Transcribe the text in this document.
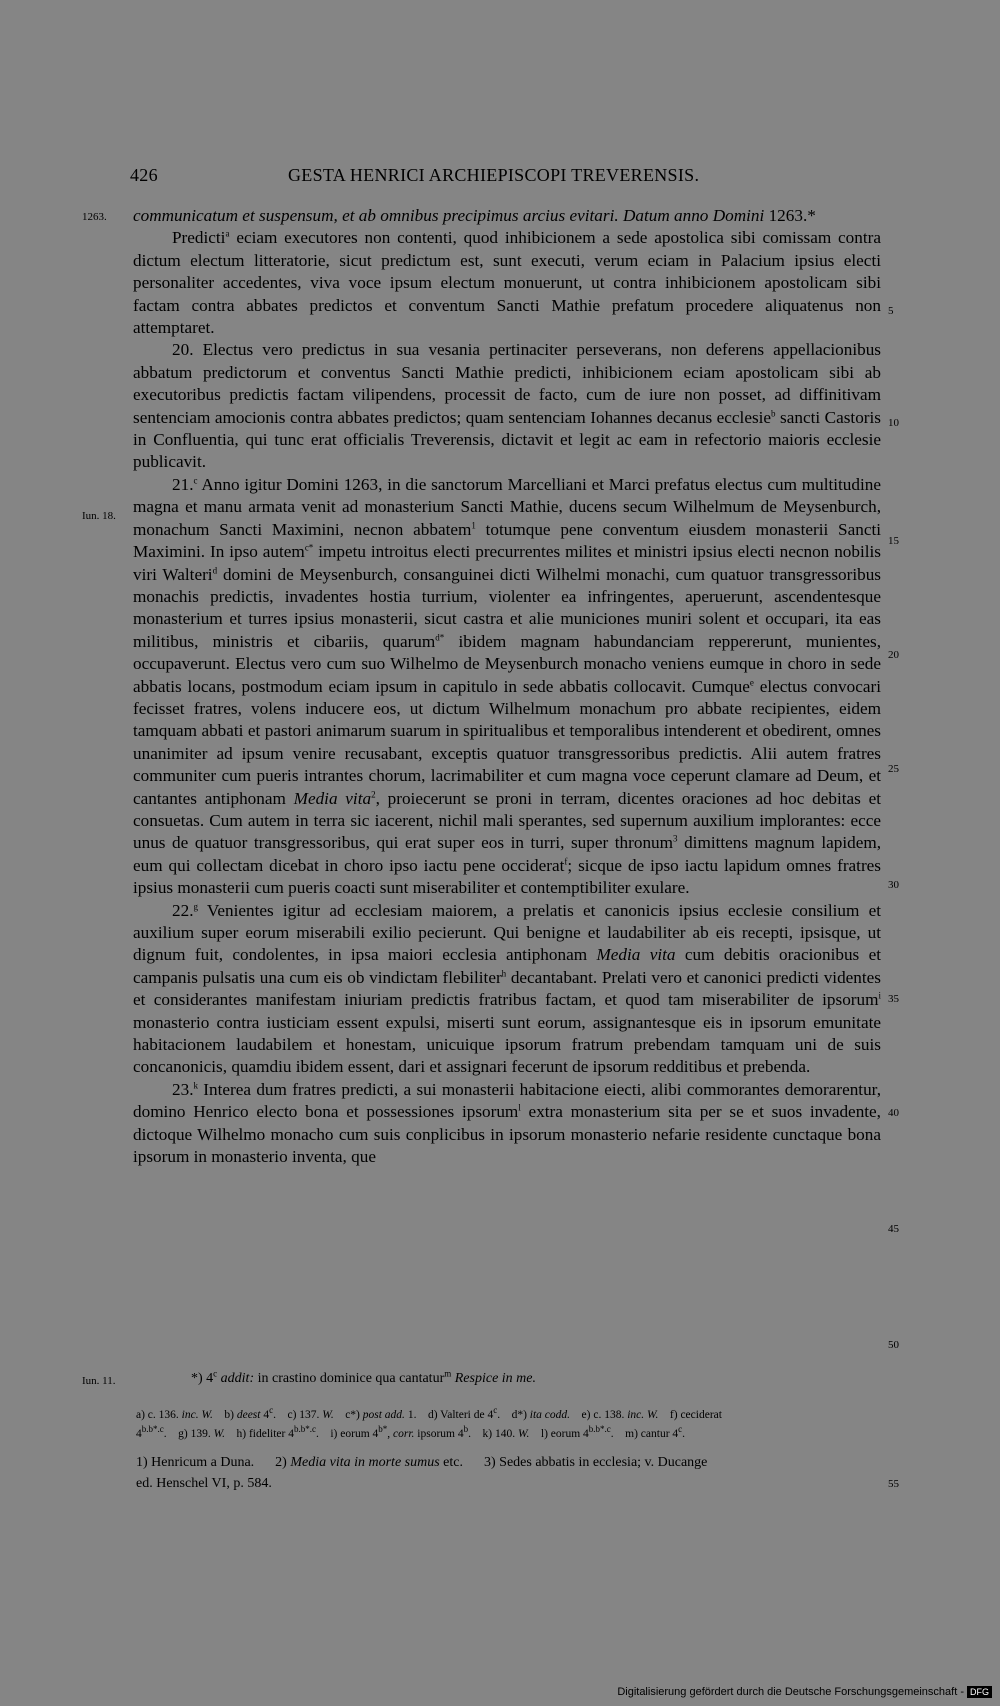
426	GESTA HENRICI ARCHIEPISCOPI TREVERENSIS.

communicatum et suspensum, et ab omnibus precipimus arcius evitari. Datum anno Domini 1263.*

Predicti$^a$ eciam executores non contenti, quod inhibicionem a sede apostolica sibi comissam contra dictum electum litteratorie, sicut predictum est, sunt executi, verum eciam in Palacium ipsius electi personaliter accedentes, viva voce ipsum electum monuerunt, ut contra inhibicionem apostolicam sibi factam contra abbates predictos et conventum Sancti Mathie prefatum procedere aliquatenus non attemptaret.

20. Electus vero predictus in sua vesania pertinaciter perseverans, non deferens appellacionibus abbatum predictorum et conventus Sancti Mathie predicti, inhibicionem eciam apostolicam sibi ab executoribus predictis factam vilipendens, processit de facto, cum de iure non posset, ad diffinitivam sentenciam amocionis contra abbates predictos; quam sentenciam Iohannes decanus ecclesie$^b$ sancti Castoris in Confluentia, qui tunc erat officialis Treverensis, dictavit et legit ac eam in refectorio maioris ecclesie publicavit.

21.$^c$ Anno igitur Domini 1263, in die sanctorum Marcelliani et Marci prefatus electus cum multitudine magna et manu armata venit ad monasterium Sancti Mathie, ducens secum Wilhelmum de Meysenburch, monachum Sancti Maximini, necnon abbatem$^1$ totumque pene conventum eiusdem monasterii Sancti Maximini. In ipso autem$^{c*}$ impetu introitus electi precurrentes milites et ministri ipsius electi necnon nobilis viri Walteri$^d$ domini de Meysenburch, consanguinei dicti Wilhelmi monachi, cum quatuor transgressoribus monachis predictis, invadentes hostia turrium, violenter ea infringentes, aperuerunt, ascendentesque monasterium et turres ipsius monasterii, sicut castra et alie municiones muniri solent et occupari, ita eas militibus, ministris et cibariis, quarum$^{d*}$ ibidem magnam habundanciam reppererunt, munientes, occupaverunt. Electus vero cum suo Wilhelmo de Meysenburch monacho veniens eumque in choro in sede abbatis locans, postmodum eciam ipsum in capitulo in sede abbatis collocavit. Cumque$^e$ electus convocari fecisset fratres, volens inducere eos, ut dictum Wilhelmum monachum pro abbate recipientes, eidem tamquam abbati et pastori animarum suarum in spiritualibus et temporalibus intenderent et obedirent, omnes unanimiter ad ipsum venire recusabant, exceptis quatuor transgressoribus predictis. Alii autem fratres communiter cum pueris intrantes chorum, lacrimabiliter et cum magna voce ceperunt clamare ad Deum, et cantantes antiphonam Media vita$^2$, proiecerunt se proni in terram, dicentes oraciones ad hoc debitas et consuetas. Cum autem in terra sic iacerent, nichil mali sperantes, sed supernum auxilium implorantes: ecce unus de quatuor transgressoribus, qui erat super eos in turri, super thronum$^3$ dimittens magnum lapidem, eum qui collectam dicebat in choro ipso iactu pene occiderat$^f$; sicque de ipso iactu lapidum omnes fratres ipsius monasterii cum pueris coacti sunt miserabiliter et contemptibiliter exulare.

22.$^g$ Venientes igitur ad ecclesiam maiorem, a prelatis et canonicis ipsius ecclesie consilium et auxilium super eorum miserabili exilio pecierunt. Qui benigne et laudabiliter ab eis recepti, ipsisque, ut dignum fuit, condolentes, in ipsa maiori ecclesia antiphonam Media vita cum debitis oracionibus et campanis pulsatis una cum eis ob vindictam flebiliter$^h$ decantabant. Prelati vero et canonici predicti videntes et considerantes manifestam iniuriam predictis fratribus factam, et quod tam miserabiliter de ipsorum$^i$ monasterio contra iusticiam essent expulsi, miserti sunt eorum, assignantesque eis in ipsorum emunitate habitacionem laudabilem et honestam, unicuique ipsorum fratrum prebendam tamquam uni de suis concanonicis, quamdiu ibidem essent, dari et assignari fecerunt de ipsorum redditibus et prebenda.

23.$^k$ Interea dum fratres predicti, a sui monasterii habitacione eiecti, alibi commorantes demorarentur, domino Henrico electo bona et possessiones ipsorum$^l$ extra monasterium sita per se et suos invadente, dictoque Wilhelmo monacho cum suis conplicibus in ipsorum monasterio nefarie residente cunctaque bona ipsorum in monasterio inventa, que

1263.
Iun. 18.
Iun. 11.
5
10
15
20
25
30
35
40
45
50
55
*) 4$^c$ addit: in crastino dominice qua cantatur$^m$ Respice in me.
a) c. 136. inc. W.    b) deest 4$^c$.    c) 137. W.    c*) post add. 1.    d) Valteri de 4$^c$.    d*) ita codd.    e) c. 138. inc. W.    f) ceciderat
$4^{b.b*.c}$.    g) 139. W.    h) fideliter $4^{b.b*.c}$.    i) eorum $4^{b*}$, corr. ipsorum 4$^b$.    k) 140. W.    l) eorum $4^{b.b*.c}$.    m) cantur 4$^c$.
1) Henricum a Duna.      2) Media vita in morte sumus etc.      3) Sedes abbatis in ecclesia; v. Ducange
ed. Henschel VI, p. 584.
Digitalisierung gefördert durch die Deutsche Forschungsgemeinschaft - DFG
